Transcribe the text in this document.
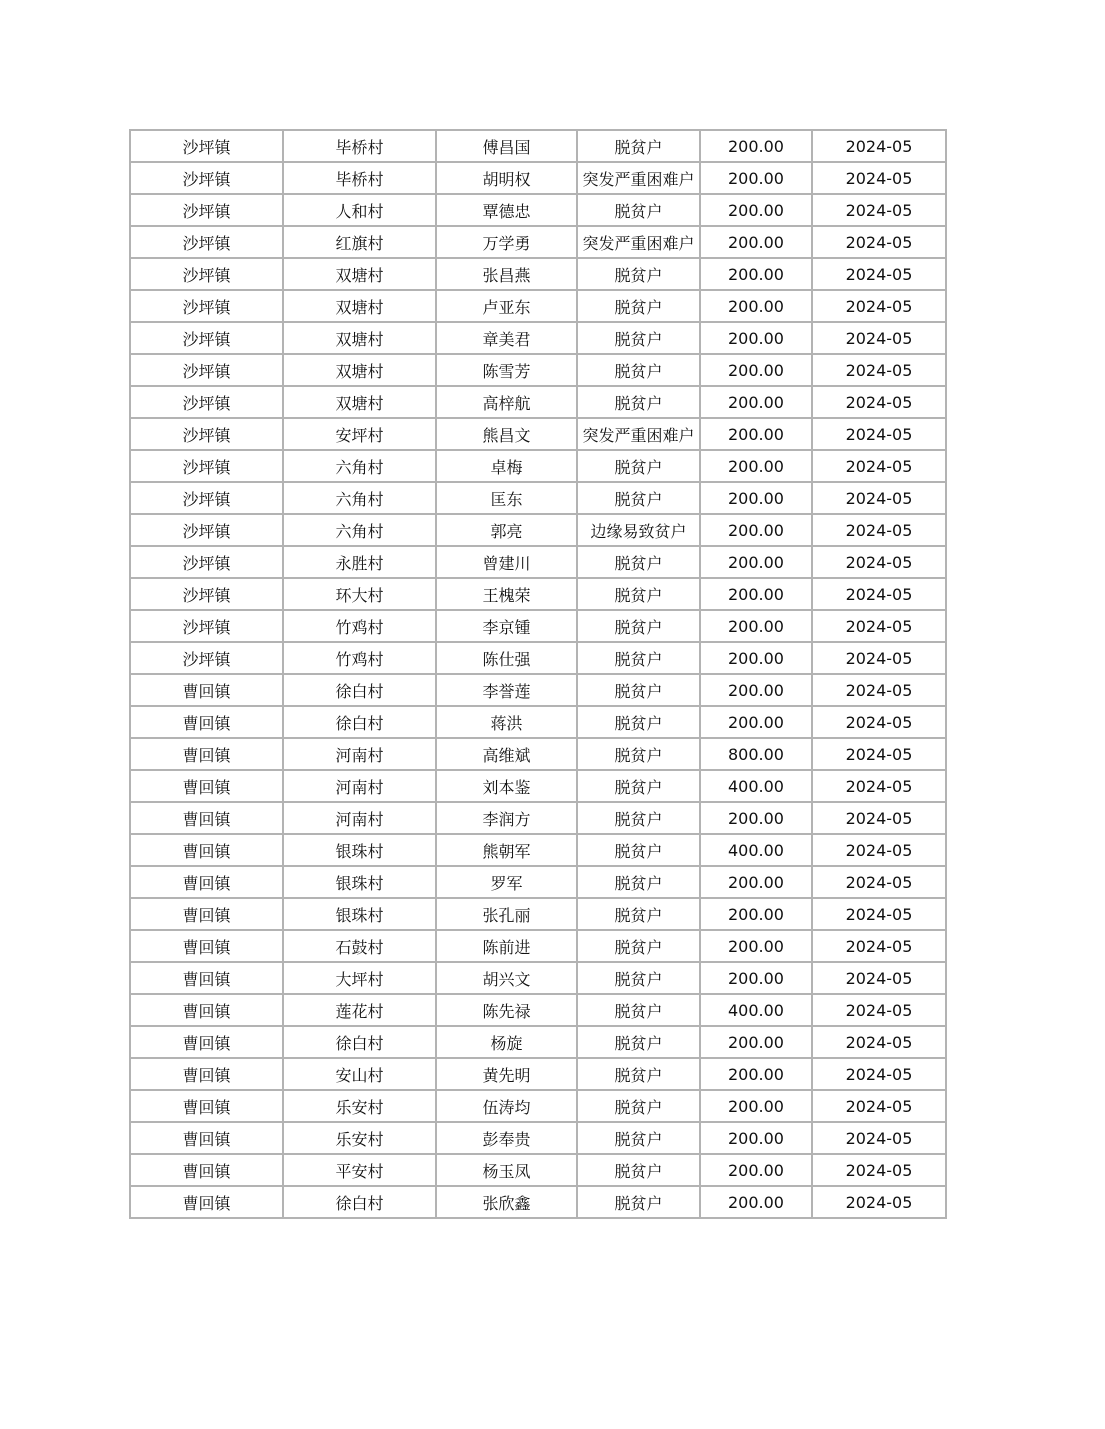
沙坪镇	毕桥村	傅昌国	脱贫户	200.00	2024-05
沙坪镇	毕桥村	胡明权	突发严重困难户	200.00	2024-05
沙坪镇	人和村	覃德忠	脱贫户	200.00	2024-05
沙坪镇	红旗村	万学勇	突发严重困难户	200.00	2024-05
沙坪镇	双塘村	张昌燕	脱贫户	200.00	2024-05
沙坪镇	双塘村	卢亚东	脱贫户	200.00	2024-05
沙坪镇	双塘村	章美君	脱贫户	200.00	2024-05
沙坪镇	双塘村	陈雪芳	脱贫户	200.00	2024-05
沙坪镇	双塘村	高梓航	脱贫户	200.00	2024-05
沙坪镇	安坪村	熊昌文	突发严重困难户	200.00	2024-05
沙坪镇	六角村	卓梅	脱贫户	200.00	2024-05
沙坪镇	六角村	匡东	脱贫户	200.00	2024-05
沙坪镇	六角村	郭亮	边缘易致贫户	200.00	2024-05
沙坪镇	永胜村	曾建川	脱贫户	200.00	2024-05
沙坪镇	环大村	王槐荣	脱贫户	200.00	2024-05
沙坪镇	竹鸡村	李京锺	脱贫户	200.00	2024-05
沙坪镇	竹鸡村	陈仕强	脱贫户	200.00	2024-05
曹回镇	徐白村	李誉莲	脱贫户	200.00	2024-05
曹回镇	徐白村	蒋洪	脱贫户	200.00	2024-05
曹回镇	河南村	高维斌	脱贫户	800.00	2024-05
曹回镇	河南村	刘本鉴	脱贫户	400.00	2024-05
曹回镇	河南村	李润方	脱贫户	200.00	2024-05
曹回镇	银珠村	熊朝军	脱贫户	400.00	2024-05
曹回镇	银珠村	罗军	脱贫户	200.00	2024-05
曹回镇	银珠村	张孔丽	脱贫户	200.00	2024-05
曹回镇	石鼓村	陈前进	脱贫户	200.00	2024-05
曹回镇	大坪村	胡兴文	脱贫户	200.00	2024-05
曹回镇	莲花村	陈先禄	脱贫户	400.00	2024-05
曹回镇	徐白村	杨旋	脱贫户	200.00	2024-05
曹回镇	安山村	黄先明	脱贫户	200.00	2024-05
曹回镇	乐安村	伍涛均	脱贫户	200.00	2024-05
曹回镇	乐安村	彭奉贵	脱贫户	200.00	2024-05
曹回镇	平安村	杨玉凤	脱贫户	200.00	2024-05
曹回镇	徐白村	张欣鑫	脱贫户	200.00	2024-05
